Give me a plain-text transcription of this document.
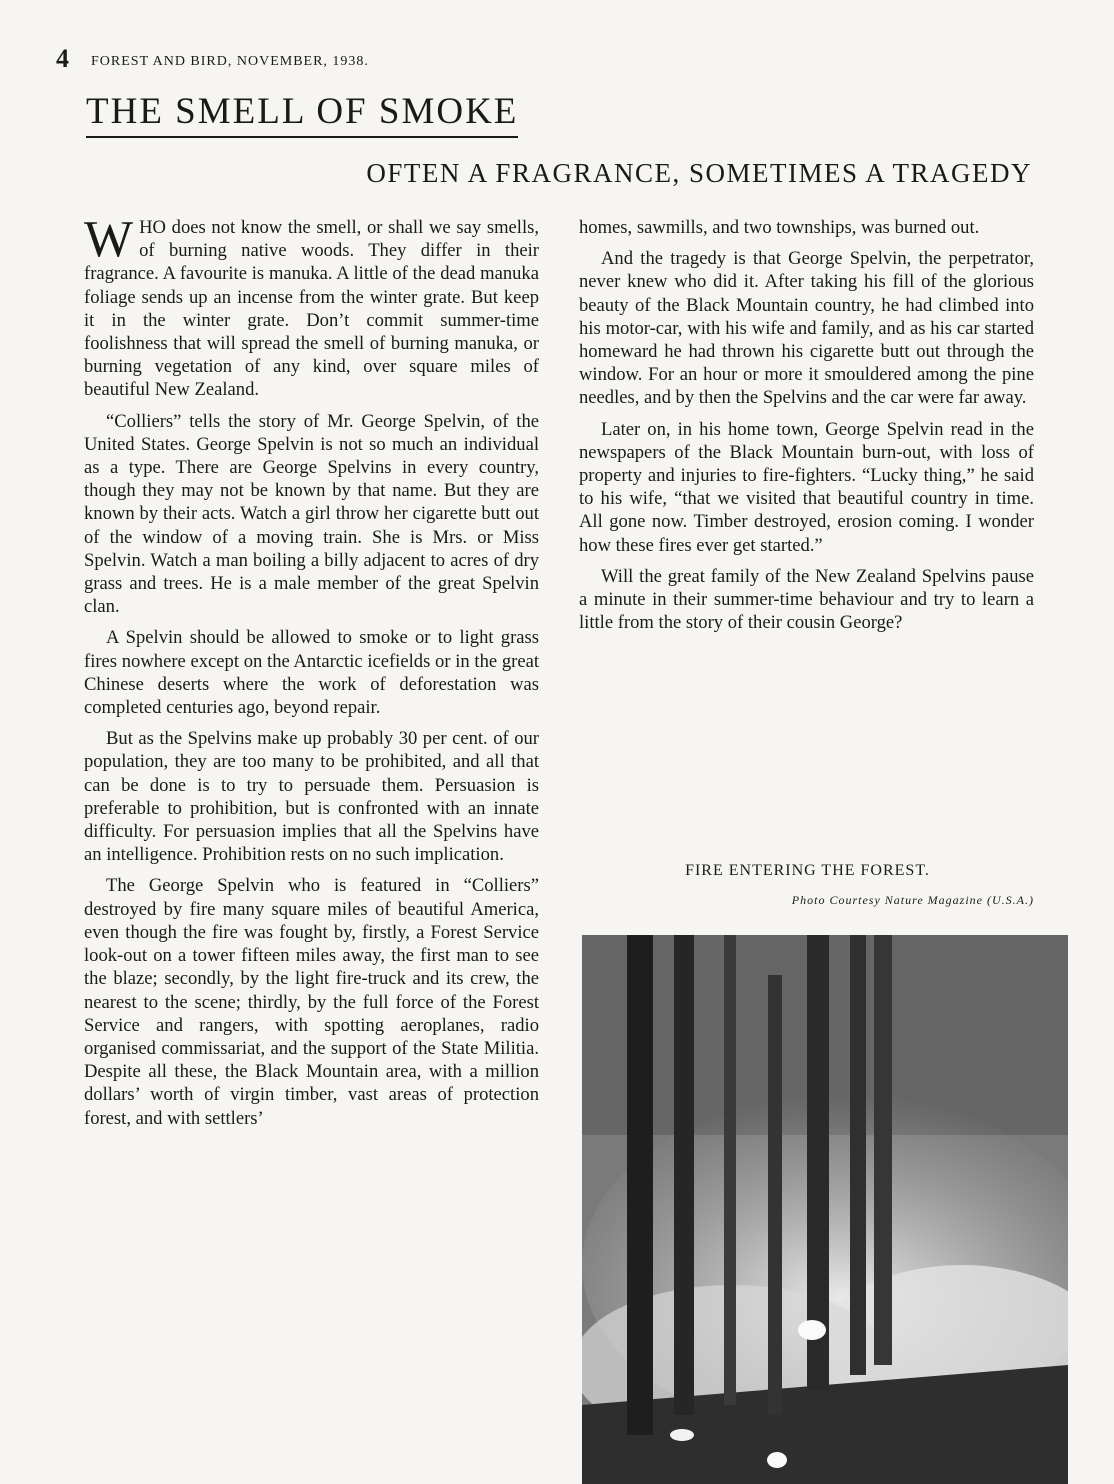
4 FOREST AND BIRD, NOVEMBER, 1938.
THE SMELL OF SMOKE
OFTEN A FRAGRANCE, SOMETIMES A TRAGEDY

WHO does not know the smell, or shall we say smells, of burning native woods. They differ in their fragrance. A favourite is manuka. A little of the dead manuka foliage sends up an incense from the winter grate. But keep it in the winter grate. Don’t commit summer-time foolishness that will spread the smell of burning manuka, or burning vegetation of any kind, over square miles of beautiful New Zealand.

“Colliers” tells the story of Mr. George Spelvin, of the United States. George Spelvin is not so much an individual as a type. There are George Spelvins in every country, though they may not be known by that name. But they are known by their acts. Watch a girl throw her cigarette butt out of the window of a moving train. She is Mrs. or Miss Spelvin. Watch a man boiling a billy adjacent to acres of dry grass and trees. He is a male member of the great Spelvin clan.

A Spelvin should be allowed to smoke or to light grass fires nowhere except on the Antarctic icefields or in the great Chinese deserts where the work of deforestation was completed centuries ago, beyond repair.

But as the Spelvins make up probably 30 per cent. of our population, they are too many to be prohibited, and all that can be done is to try to persuade them. Persuasion is preferable to prohibition, but is confronted with an innate difficulty. For persuasion implies that all the Spelvins have an intelligence. Prohibition rests on no such implication.

The George Spelvin who is featured in “Colliers” destroyed by fire many square miles of beautiful America, even though the fire was fought by, firstly, a Forest Service look-out on a tower fifteen miles away, the first man to see the blaze; secondly, by the light fire-truck and its crew, the nearest to the scene; thirdly, by the full force of the Forest Service and rangers, with spotting aeroplanes, radio organised commissariat, and the support of the State Militia. Despite all these, the Black Mountain area, with a million dollars’ worth of virgin timber, vast areas of protection forest, and with settlers’

homes, sawmills, and two townships, was burned out.

And the tragedy is that George Spelvin, the perpetrator, never knew who did it. After taking his fill of the glorious beauty of the Black Mountain country, he had climbed into his motor-car, with his wife and family, and as his car started homeward he had thrown his cigarette butt out through the window. For an hour or more it smouldered among the pine needles, and by then the Spelvins and the car were far away.

Later on, in his home town, George Spelvin read in the newspapers of the Black Mountain burn-out, with loss of property and injuries to fire-fighters. “Lucky thing,” he said to his wife, “that we visited that beautiful country in time. All gone now. Timber destroyed, erosion coming. I wonder how these fires ever get started.”

Will the great family of the New Zealand Spelvins pause a minute in their summer-time behaviour and try to learn a little from the story of their cousin George?

FIRE ENTERING THE FOREST.
Photo Courtesy Nature Magazine (U.S.A.)
